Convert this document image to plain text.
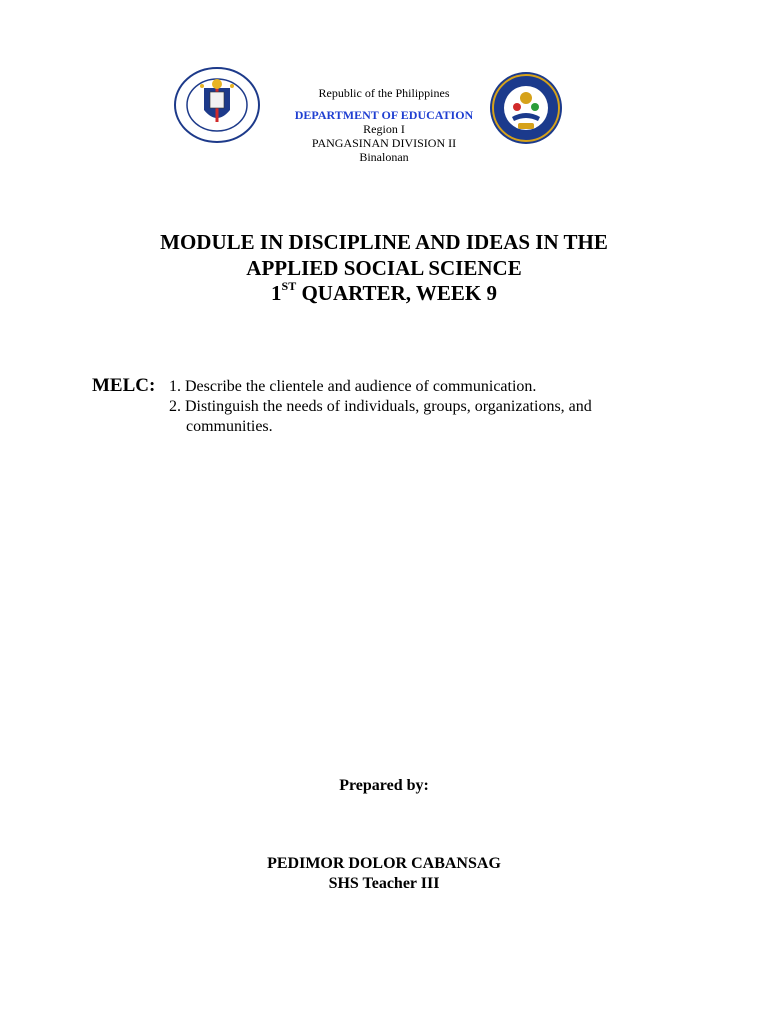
Republic of the Philippines
DEPARTMENT OF EDUCATION
Region I
PANGASINAN DIVISION II
Binalonan
MODULE IN DISCIPLINE AND IDEAS IN THE
APPLIED SOCIAL SCIENCE
1ST QUARTER, WEEK 9
MELC: 1. Describe the clientele and audience of communication.
2. Distinguish the needs of individuals, groups, organizations, and
communities.
Prepared by:
PEDIMOR DOLOR CABANSAG
SHS Teacher III
